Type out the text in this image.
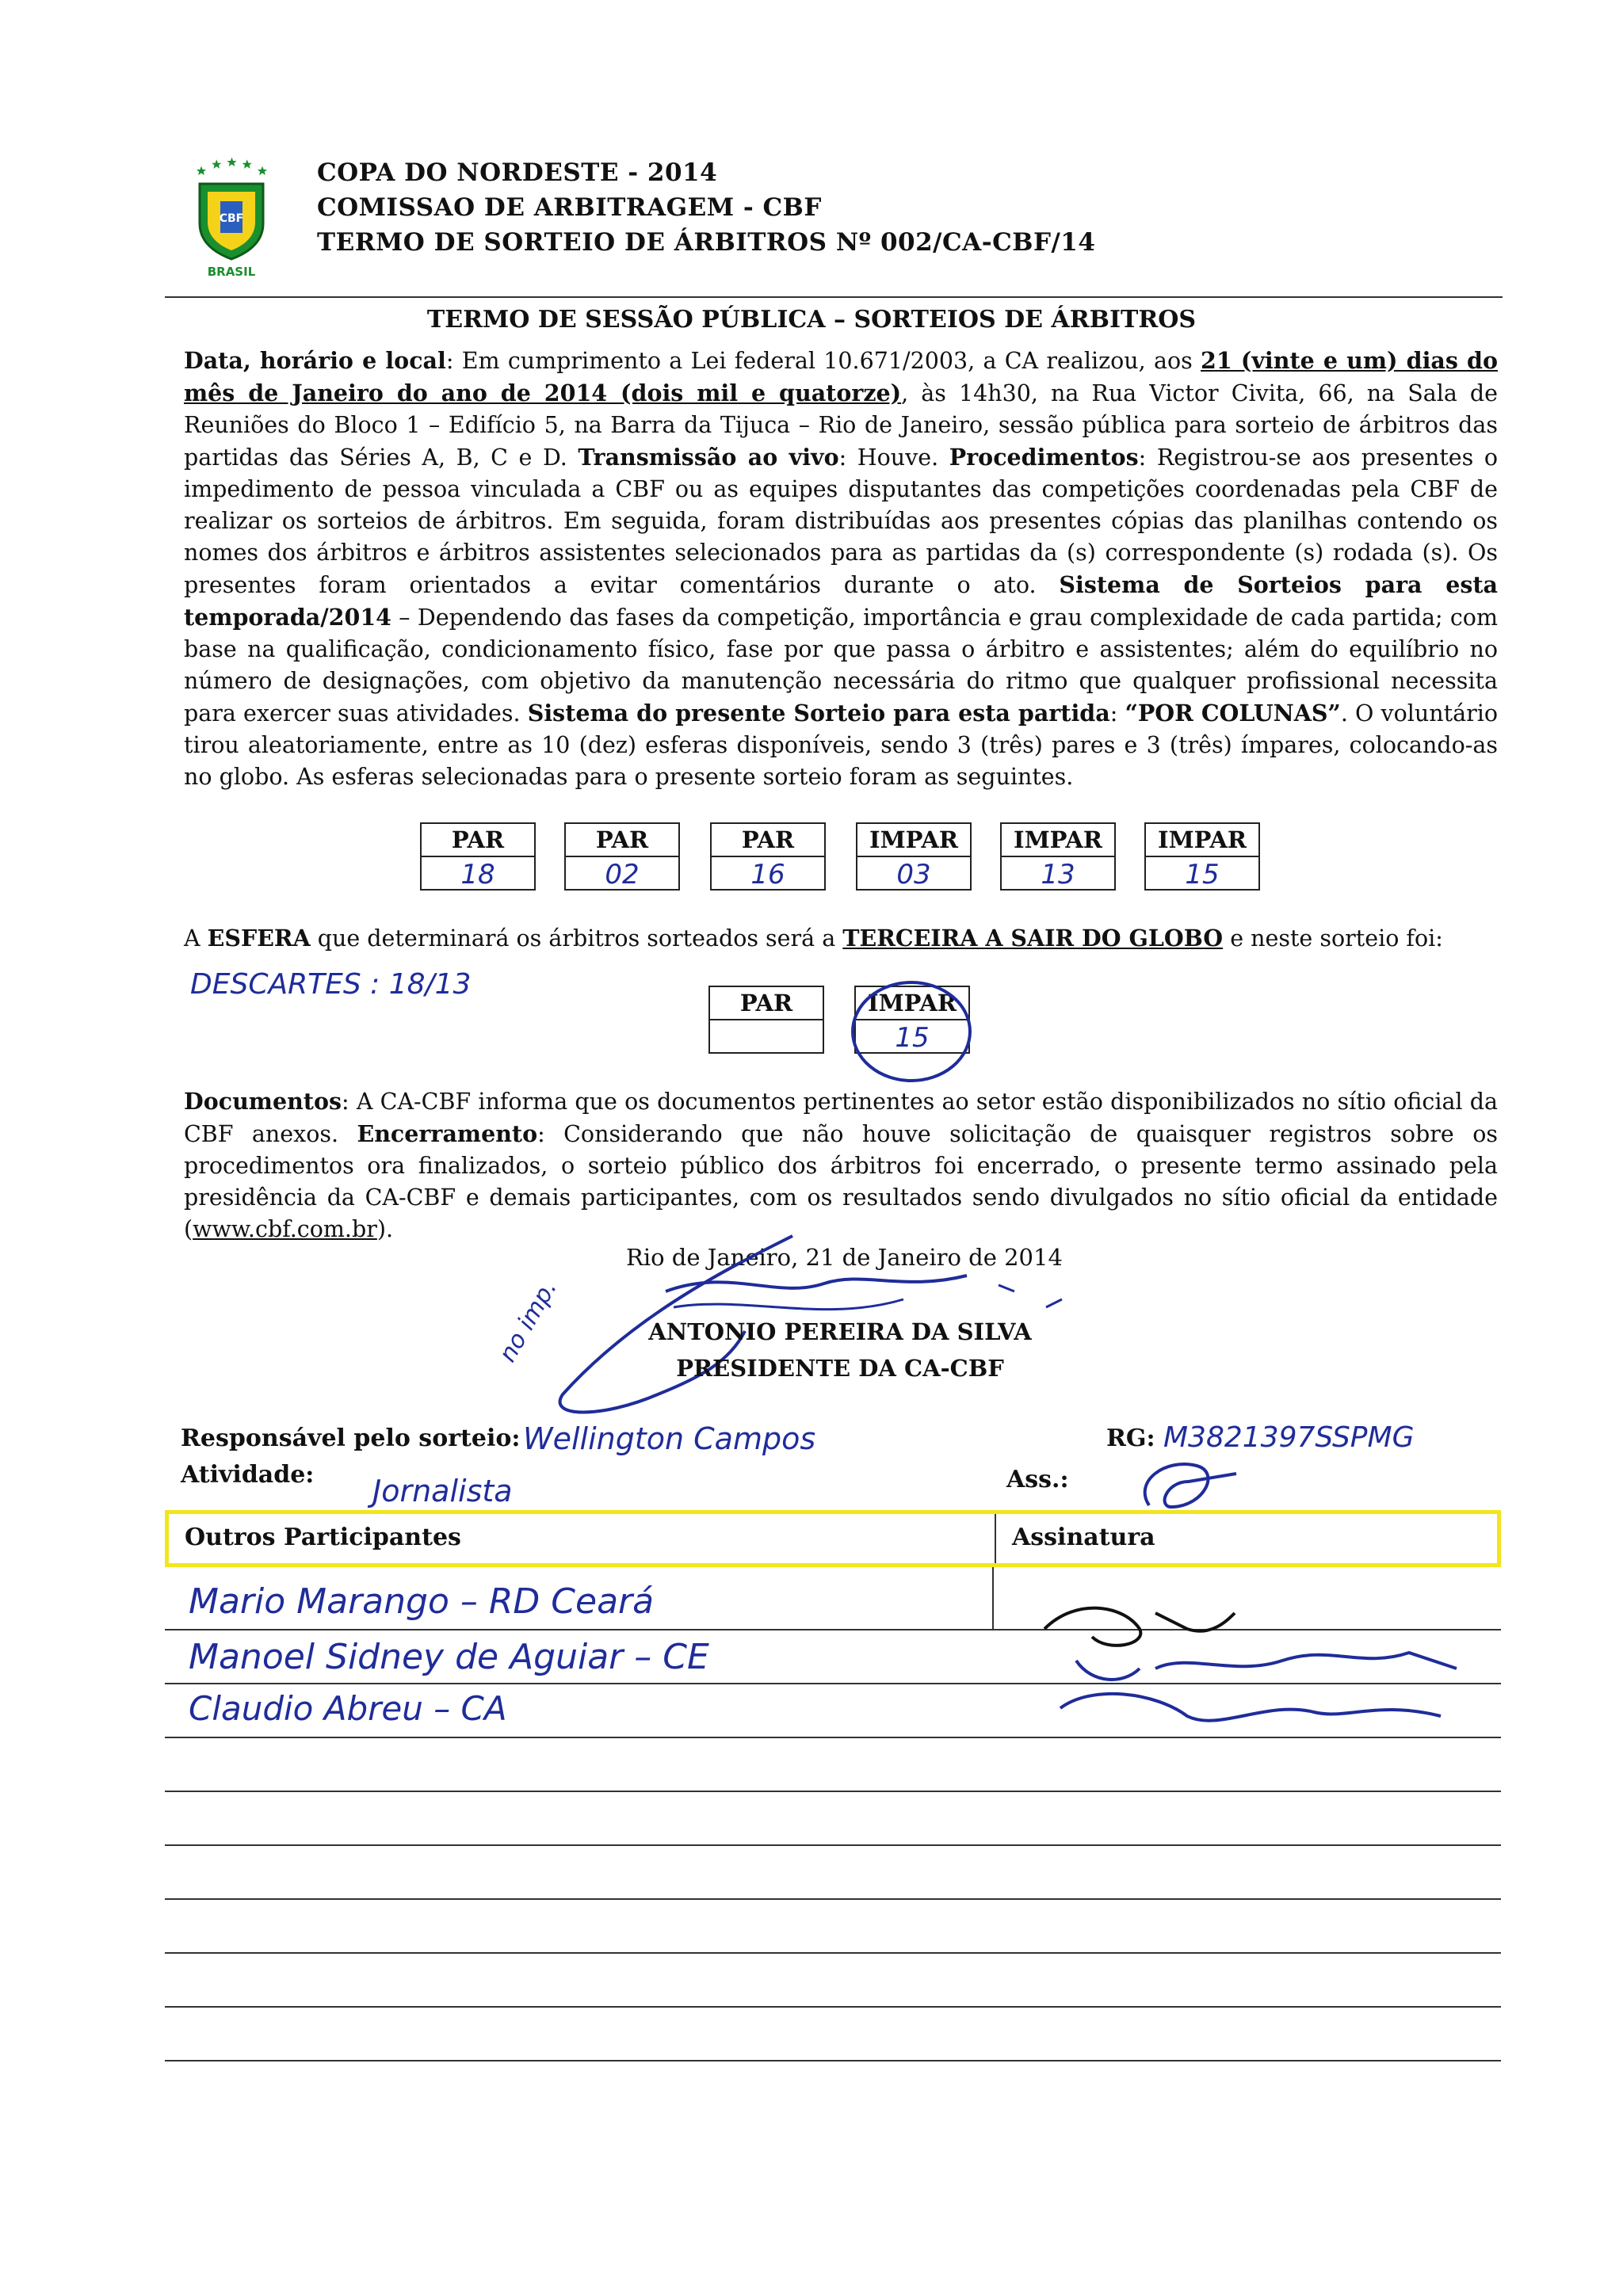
CBF
BRASIL
COPA DO NORDESTE - 2014
COMISSAO DE ARBITRAGEM - CBF
TERMO DE SORTEIO DE ÁRBITROS Nº 002/CA-CBF/14
TERMO DE SESSÃO PÚBLICA – SORTEIOS DE ÁRBITROS
Data, horário e local: Em cumprimento a Lei federal 10.671/2003, a CA realizou, aos 21 (vinte e um) dias do mês de Janeiro do ano de 2014 (dois mil e quatorze), às 14h30, na Rua Victor Civita, 66, na Sala de Reuniões do Bloco 1 – Edifício 5, na Barra da Tijuca – Rio de Janeiro, sessão pública para sorteio de árbitros das partidas das Séries A, B, C e D. Transmissão ao vivo: Houve. Procedimentos: Registrou-se aos presentes o impedimento de pessoa vinculada a CBF ou as equipes disputantes das competições coordenadas pela CBF de realizar os sorteios de árbitros. Em seguida, foram distribuídas aos presentes cópias das planilhas contendo os nomes dos árbitros e árbitros assistentes selecionados para as partidas da (s) correspondente (s) rodada (s). Os presentes foram orientados a evitar comentários durante o ato. Sistema de Sorteios para esta temporada/2014 – Dependendo das fases da competição, importância e grau complexidade de cada partida; com base na qualificação, condicionamento físico, fase por que passa o árbitro e assistentes; além do equilíbrio no número de designações, com objetivo da manutenção necessária do ritmo que qualquer profissional necessita para exercer suas atividades. Sistema do presente Sorteio para esta partida: “POR COLUNAS”. O voluntário tirou aleatoriamente, entre as 10 (dez) esferas disponíveis, sendo 3 (três) pares e 3 (três) ímpares, colocando-as no globo. As esferas selecionadas para o presente sorteio foram as seguintes.
PAR
18
PAR
02
PAR
16
IMPAR
03
IMPAR
13
IMPAR
15
A ESFERA que determinará os árbitros sorteados será a TERCEIRA A SAIR DO GLOBO e neste sorteio foi:
DESCARTES : 18/13
PAR	IMPAR
15
Documentos: A CA-CBF informa que os documentos pertinentes ao setor estão disponibilizados no sítio oficial da CBF anexos. Encerramento: Considerando que não houve solicitação de quaisquer registros sobre os procedimentos ora finalizados, o sorteio público dos árbitros foi encerrado, o presente termo assinado pela presidência da CA-CBF e demais participantes, com os resultados sendo divulgados no sítio oficial da entidade (www.cbf.com.br).
Rio de Janeiro, 21 de Janeiro de 2014
no imp.	ANTONIO PEREIRA DA SILVA
PRESIDENTE DA CA-CBF
Responsável pelo sorteio: Wellington Campos	RG: M3821397SSPMG
Atividade: Jornalista	Ass.:
Outros Participantes	Assinatura
Mario Marango – RD Ceará
Manoel Sidney de Aguiar – CE
Claudio Abreu – CA
